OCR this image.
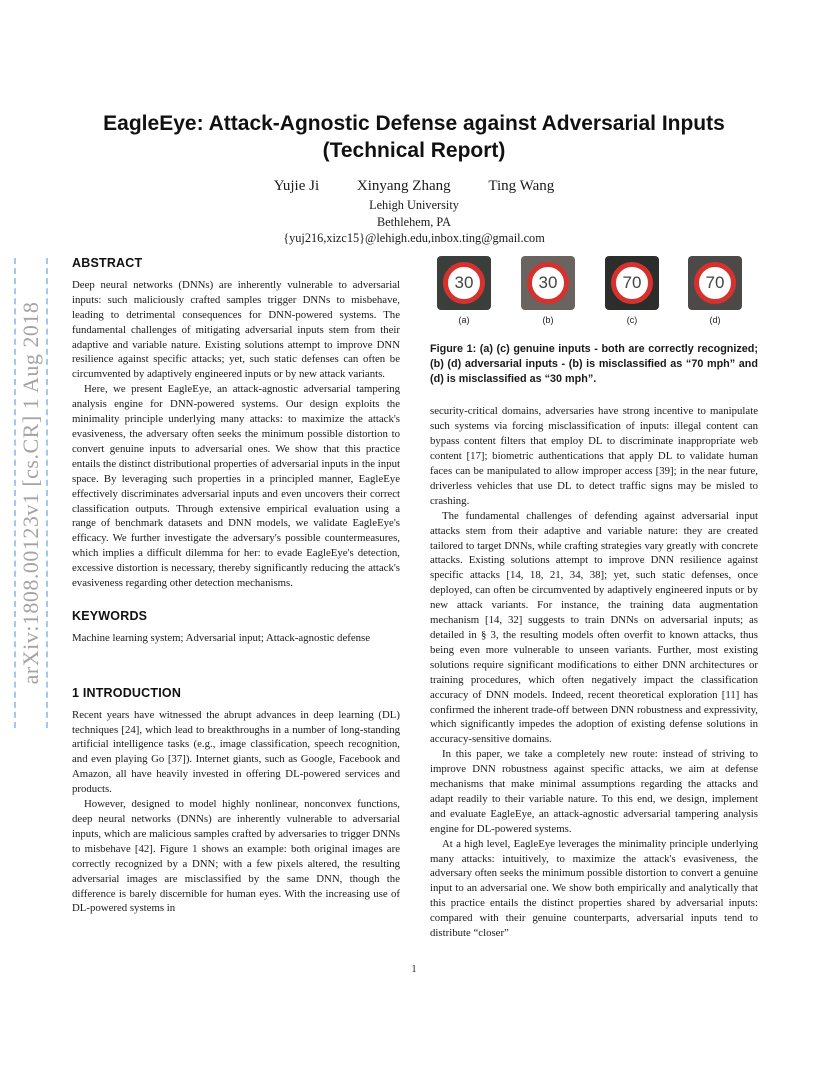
arXiv:1808.00123v1 [cs.CR] 1 Aug 2018
EagleEye: Attack-Agnostic Defense against Adversarial Inputs (Technical Report)
Yujie Ji	Xinyang Zhang	Ting Wang
Lehigh University
Bethlehem, PA
{yuj216,xizc15}@lehigh.edu,inbox.ting@gmail.com
ABSTRACT

Deep neural networks (DNNs) are inherently vulnerable to adversarial inputs: such maliciously crafted samples trigger DNNs to misbehave, leading to detrimental consequences for DNN-powered systems. The fundamental challenges of mitigating adversarial inputs stem from their adaptive and variable nature. Existing solutions attempt to improve DNN resilience against specific attacks; yet, such static defenses can often be circumvented by adaptively engineered inputs or by new attack variants.

Here, we present EagleEye, an attack-agnostic adversarial tampering analysis engine for DNN-powered systems. Our design exploits the minimality principle underlying many attacks: to maximize the attack's evasiveness, the adversary often seeks the minimum possible distortion to convert genuine inputs to adversarial ones. We show that this practice entails the distinct distributional properties of adversarial inputs in the input space. By leveraging such properties in a principled manner, EagleEye effectively discriminates adversarial inputs and even uncovers their correct classification outputs. Through extensive empirical evaluation using a range of benchmark datasets and DNN models, we validate EagleEye's efficacy. We further investigate the adversary's possible countermeasures, which implies a difficult dilemma for her: to evade EagleEye's detection, excessive distortion is necessary, thereby significantly reducing the attack's evasiveness regarding other detection mechanisms.

KEYWORDS

Machine learning system; Adversarial input; Attack-agnostic defense

1 INTRODUCTION

Recent years have witnessed the abrupt advances in deep learning (DL) techniques [24], which lead to breakthroughs in a number of long-standing artificial intelligence tasks (e.g., image classification, speech recognition, and even playing Go [37]). Internet giants, such as Google, Facebook and Amazon, all have heavily invested in offering DL-powered services and products.

However, designed to model highly nonlinear, nonconvex functions, deep neural networks (DNNs) are inherently vulnerable to adversarial inputs, which are malicious samples crafted by adversaries to trigger DNNs to misbehave [42]. Figure 1 shows an example: both original images are correctly recognized by a DNN; with a few pixels altered, the resulting adversarial images are misclassified by the same DNN, though the difference is barely discernible for human eyes. With the increasing use of DL-powered systems in

30
(a)
30
(b)
70
(c)
70
(d)
Figure 1: (a) (c) genuine inputs - both are correctly recognized; (b) (d) adversarial inputs - (b) is misclassified as “70 mph” and (d) is misclassified as “30 mph”.

security-critical domains, adversaries have strong incentive to manipulate such systems via forcing misclassification of inputs: illegal content can bypass content filters that employ DL to discriminate inappropriate web content [17]; biometric authentications that apply DL to validate human faces can be manipulated to allow improper access [39]; in the near future, driverless vehicles that use DL to detect traffic signs may be misled to crashing.

The fundamental challenges of defending against adversarial input attacks stem from their adaptive and variable nature: they are created tailored to target DNNs, while crafting strategies vary greatly with concrete attacks. Existing solutions attempt to improve DNN resilience against specific attacks [14, 18, 21, 34, 38]; yet, such static defenses, once deployed, can often be circumvented by adaptively engineered inputs or by new attack variants. For instance, the training data augmentation mechanism [14, 32] suggests to train DNNs on adversarial inputs; as detailed in § 3, the resulting models often overfit to known attacks, thus being even more vulnerable to unseen variants. Further, most existing solutions require significant modifications to either DNN architectures or training procedures, which often negatively impact the classification accuracy of DNN models. Indeed, recent theoretical exploration [11] has confirmed the inherent trade-off between DNN robustness and expressivity, which significantly impedes the adoption of existing defense solutions in accuracy-sensitive domains.

In this paper, we take a completely new route: instead of striving to improve DNN robustness against specific attacks, we aim at defense mechanisms that make minimal assumptions regarding the attacks and adapt readily to their variable nature. To this end, we design, implement and evaluate EagleEye, an attack-agnostic adversarial tampering analysis engine for DL-powered systems.

At a high level, EagleEye leverages the minimality principle underlying many attacks: intuitively, to maximize the attack's evasiveness, the adversary often seeks the minimum possible distortion to convert a genuine input to an adversarial one. We show both empirically and analytically that this practice entails the distinct properties shared by adversarial inputs: compared with their genuine counterparts, adversarial inputs tend to distribute “closer”

1
